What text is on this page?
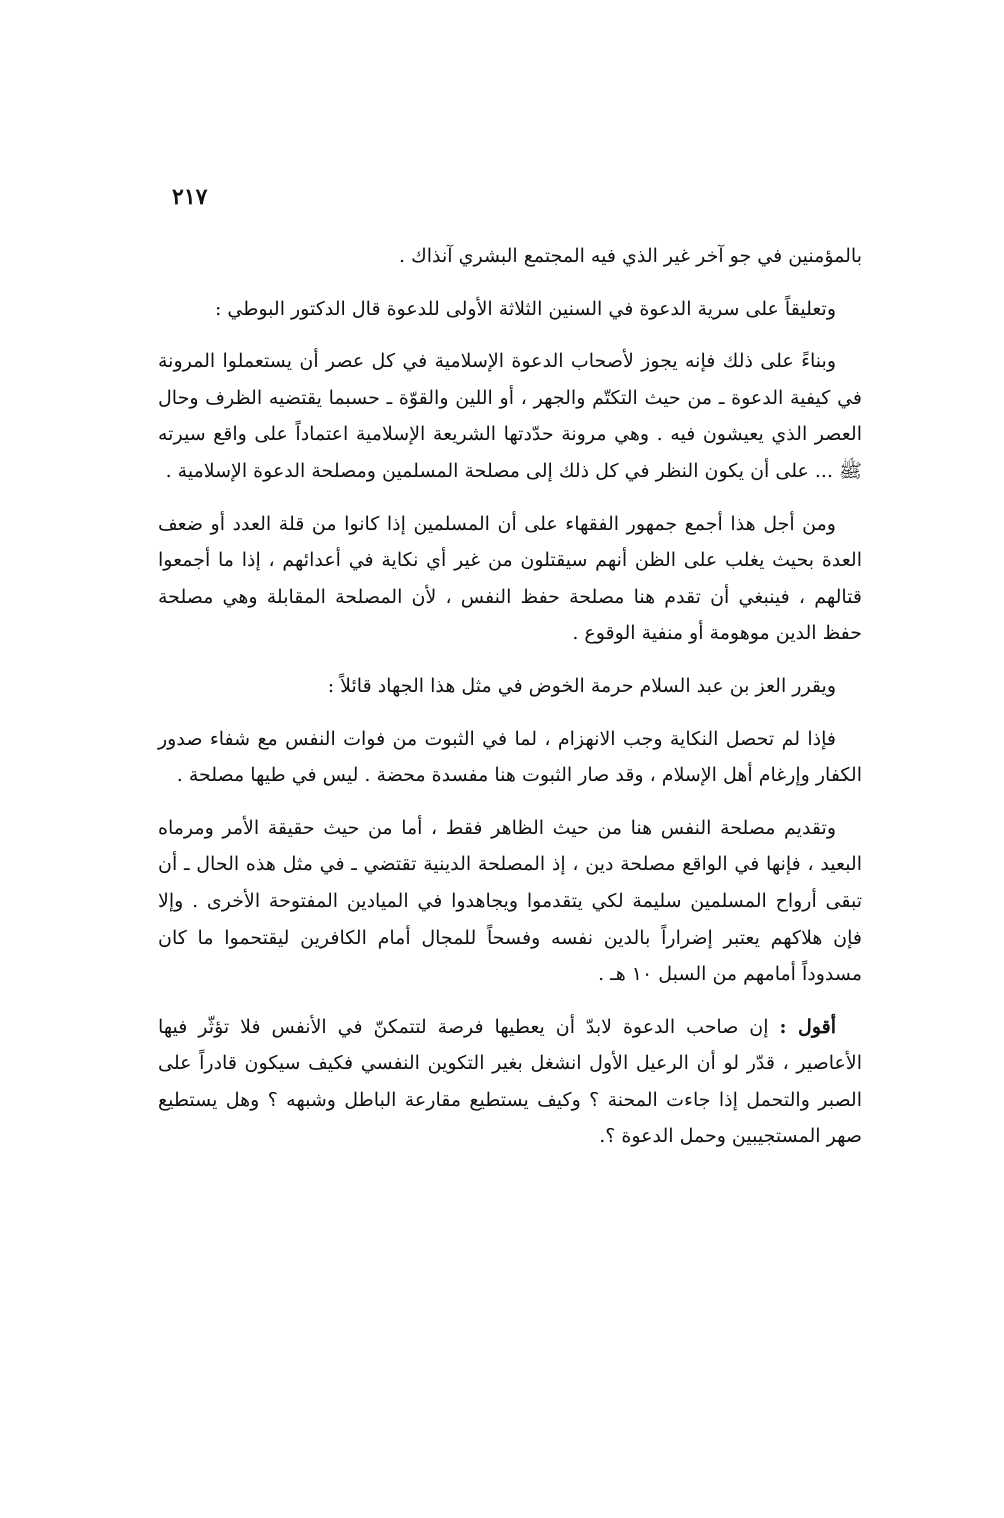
٢١٧

بالمؤمنين في جو آخر غير الذي فيه المجتمع البشري آنذاك .

وتعليقاً على سرية الدعوة في السنين الثلاثة الأولى للدعوة قال الدكتور البوطي :

وبناءً على ذلك فإنه يجوز لأصحاب الدعوة الإسلامية في كل عصر أن يستعملوا المرونة في كيفية الدعوة ـ من حيث التكتّم والجهر ، أو اللين والقوّة ـ حسبما يقتضيه الظرف وحال العصر الذي يعيشون فيه . وهي مرونة حدّدتها الشريعة الإسلامية اعتماداً على واقع سيرته ﷺ ... على أن يكون النظر في كل ذلك إلى مصلحة المسلمين ومصلحة الدعوة الإسلامية .

ومن أجل هذا أجمع جمهور الفقهاء على أن المسلمين إذا كانوا من قلة العدد أو ضعف العدة بحيث يغلب على الظن أنهم سيقتلون من غير أي نكاية في أعدائهم ، إذا ما أجمعوا قتالهم ، فينبغي أن تقدم هنا مصلحة حفظ النفس ، لأن المصلحة المقابلة وهي مصلحة حفظ الدين موهومة أو منفية الوقوع .

ويقرر العز بن عبد السلام حرمة الخوض في مثل هذا الجهاد قائلاً :

فإذا لم تحصل النكاية وجب الانهزام ، لما في الثبوت من فوات النفس مع شفاء صدور الكفار وإرغام أهل الإسلام ، وقد صار الثبوت هنا مفسدة محضة . ليس في طيها مصلحة .

وتقديم مصلحة النفس هنا من حيث الظاهر فقط ، أما من حيث حقيقة الأمر ومرماه البعيد ، فإنها في الواقع مصلحة دين ، إذ المصلحة الدينية تقتضي ـ في مثل هذه الحال ـ أن تبقى أرواح المسلمين سليمة لكي يتقدموا ويجاهدوا في الميادين المفتوحة الأخرى . وإلا فإن هلاكهم يعتبر إضراراً بالدين نفسه وفسحاً للمجال أمام الكافرين ليقتحموا ما كان مسدوداً أمامهم من السبل ١٠ هـ .

أقول : إن صاحب الدعوة لابدّ أن يعطيها فرصة لتتمكنّ في الأنفس فلا تؤثّر فيها الأعاصير ، قدّر لو أن الرعيل الأول انشغل بغير التكوين النفسي فكيف سيكون قادراً على الصبر والتحمل إذا جاءت المحنة ؟ وكيف يستطيع مقارعة الباطل وشبهه ؟ وهل يستطيع صهر المستجيبين وحمل الدعوة ؟.
